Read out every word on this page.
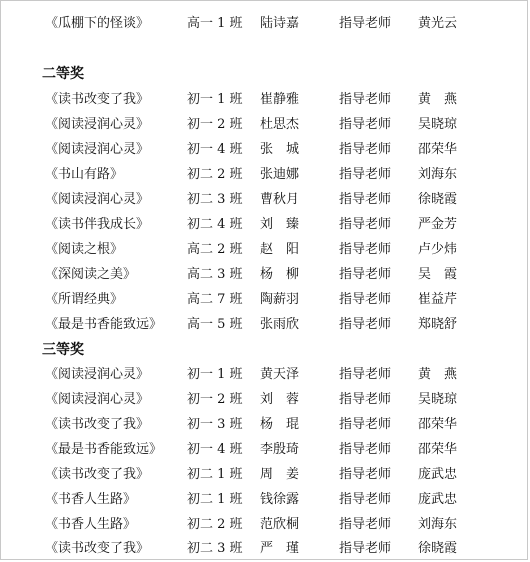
《瓜棚下的怪谈》	高一 1 班 陆诗嘉	指导老师 黄光云
二等奖
《读书改变了我》	初一 1 班 崔静雅	指导老师 黄　燕
《阅读浸润心灵》	初一 2 班 杜思杰	指导老师 吴晓琼
《阅读浸润心灵》	初一 4 班 张　城	指导老师 邵荣华
《书山有路》	初二 2 班 张迪娜	指导老师 刘海东
《阅读浸润心灵》	初二 3 班 曹秋月	指导老师 徐晓霞
《读书伴我成长》	初二 4 班 刘　臻	指导老师 严金芳
《阅读之根》	高二 2 班 赵　阳	指导老师 卢少炜
《深阅读之美》	高二 3 班 杨　柳	指导老师 吴　霞
《所谓经典》	高二 7 班 陶薪羽	指导老师 崔益芹
《最是书香能致远》 高一 5 班 张雨欣	指导老师 郑晓舒
三等奖
《阅读浸润心灵》	初一 1 班 黄天泽	指导老师 黄　燕
《阅读浸润心灵》	初一 2 班 刘　蓉	指导老师 吴晓琼
《读书改变了我》	初一 3 班 杨　琨	指导老师 邵荣华
《最是书香能致远》 初一 4 班 李殷琦	指导老师 邵荣华
《读书改变了我》	初二 1 班 周　姜	指导老师 庞武忠
《书香人生路》	初二 1 班 钱徐露	指导老师 庞武忠
《书香人生路》	初二 2 班 范欣桐	指导老师 刘海东
《读书改变了我》	初二 3 班 严　瑾	指导老师 徐晓霞
